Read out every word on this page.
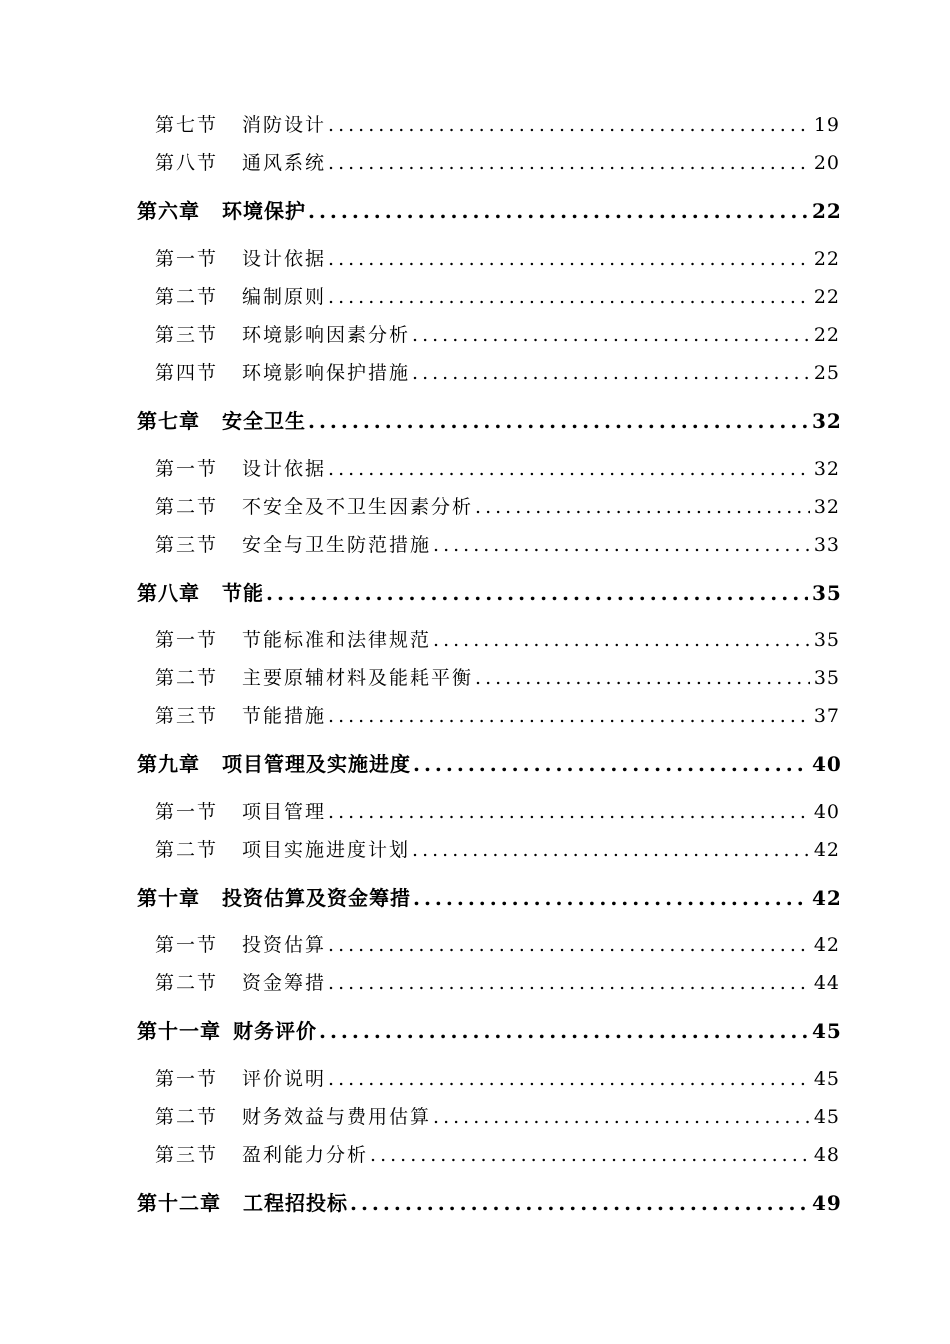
第七节 消防设计 .....	19
第八节 通风系统 .....	20
第六章 环境保护 .....	22
第一节 设计依据 .....	22
第二节 编制原则 .....	22
第三节 环境影响因素分析 .....	22
第四节 环境影响保护措施 .....	25
第七章 安全卫生 .....	32
第一节 设计依据 .....	32
第二节 不安全及不卫生因素分析 .....	32
第三节 安全与卫生防范措施 .....	33
第八章 节能 .....	35
第一节 节能标准和法律规范 .....	35
第二节 主要原辅材料及能耗平衡 .....	35
第三节 节能措施 .....	37
第九章 项目管理及实施进度 .....	40
第一节 项目管理 .....	40
第二节 项目实施进度计划 .....	42
第十章 投资估算及资金筹措 .....	42
第一节 投资估算 .....	42
第二节 资金筹措 .....	44
第十一章 财务评价 .....	45
第一节 评价说明 .....	45
第二节 财务效益与费用估算 .....	45
第三节 盈利能力分析 .....	48
第十二章 工程招投标 .....	49
